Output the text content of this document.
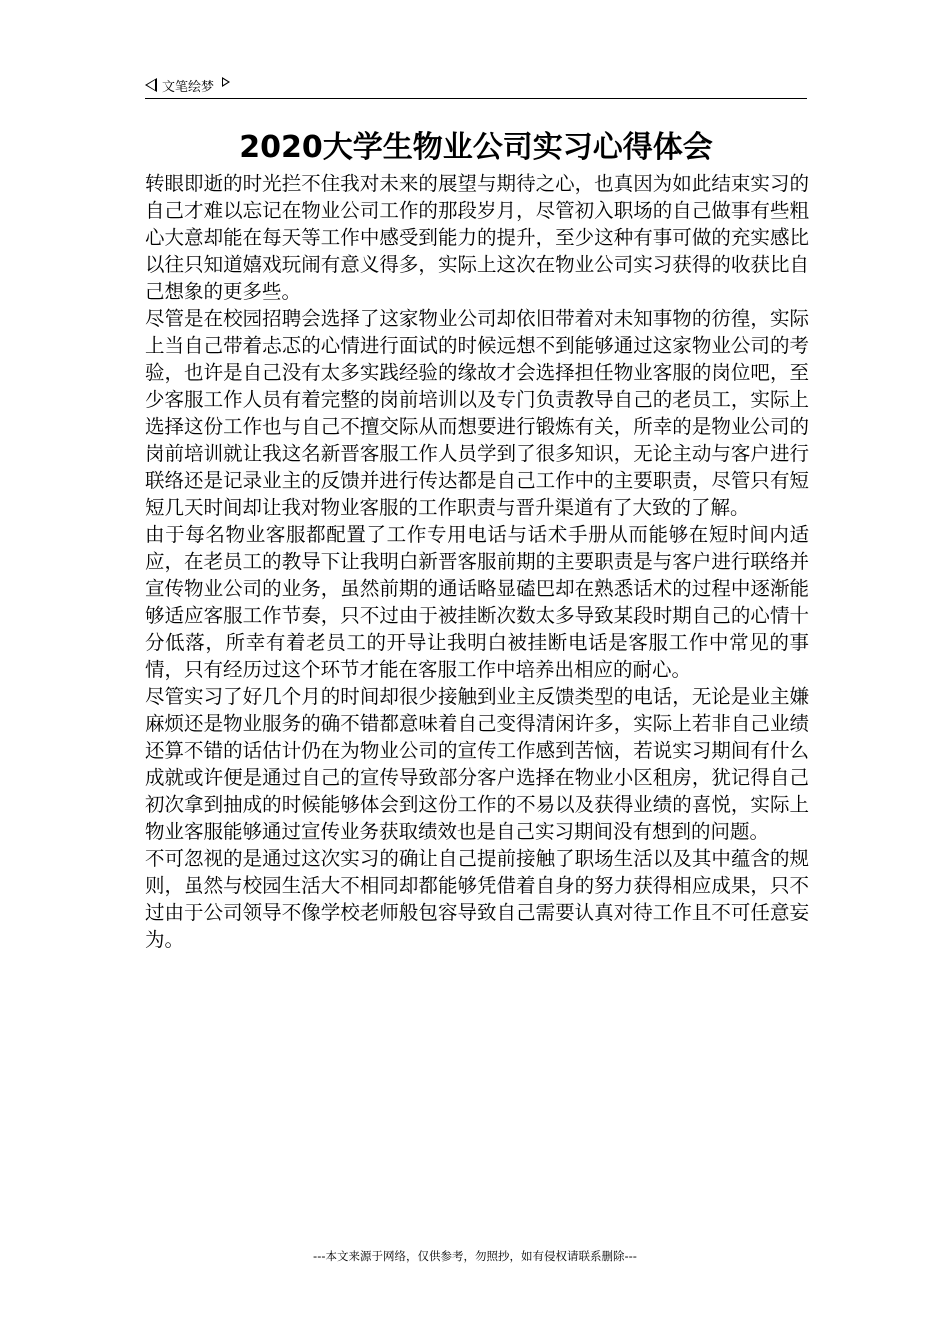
文笔绘梦
2020大学生物业公司实习心得体会

转眼即逝的时光拦不住我对未来的展望与期待之心，也真因为如此结束实习的自己才难以忘记在物业公司工作的那段岁月，尽管初入职场的自己做事有些粗心大意却能在每天等工作中感受到能力的提升，至少这种有事可做的充实感比以往只知道嬉戏玩闹有意义得多，实际上这次在物业公司实习获得的收获比自己想象的更多些。

尽管是在校园招聘会选择了这家物业公司却依旧带着对未知事物的彷徨，实际上当自己带着忐忑的心情进行面试的时候远想不到能够通过这家物业公司的考验，也许是自己没有太多实践经验的缘故才会选择担任物业客服的岗位吧，至少客服工作人员有着完整的岗前培训以及专门负责教导自己的老员工，实际上选择这份工作也与自己不擅交际从而想要进行锻炼有关，所幸的是物业公司的岗前培训就让我这名新晋客服工作人员学到了很多知识，无论主动与客户进行联络还是记录业主的反馈并进行传达都是自己工作中的主要职责，尽管只有短短几天时间却让我对物业客服的工作职责与晋升渠道有了大致的了解。

由于每名物业客服都配置了工作专用电话与话术手册从而能够在短时间内适应，在老员工的教导下让我明白新晋客服前期的主要职责是与客户进行联络并宣传物业公司的业务，虽然前期的通话略显磕巴却在熟悉话术的过程中逐渐能够适应客服工作节奏，只不过由于被挂断次数太多导致某段时期自己的心情十分低落，所幸有着老员工的开导让我明白被挂断电话是客服工作中常见的事情，只有经历过这个环节才能在客服工作中培养出相应的耐心。

尽管实习了好几个月的时间却很少接触到业主反馈类型的电话，无论是业主嫌麻烦还是物业服务的确不错都意味着自己变得清闲许多，实际上若非自己业绩还算不错的话估计仍在为物业公司的宣传工作感到苦恼，若说实习期间有什么成就或许便是通过自己的宣传导致部分客户选择在物业小区租房，犹记得自己初次拿到抽成的时候能够体会到这份工作的不易以及获得业绩的喜悦，实际上物业客服能够通过宣传业务获取绩效也是自己实习期间没有想到的问题。

不可忽视的是通过这次实习的确让自己提前接触了职场生活以及其中蕴含的规则，虽然与校园生活大不相同却都能够凭借着自身的努力获得相应成果，只不过由于公司领导不像学校老师般包容导致自己需要认真对待工作且不可任意妄为。

---本文来源于网络，仅供参考，勿照抄，如有侵权请联系删除---
